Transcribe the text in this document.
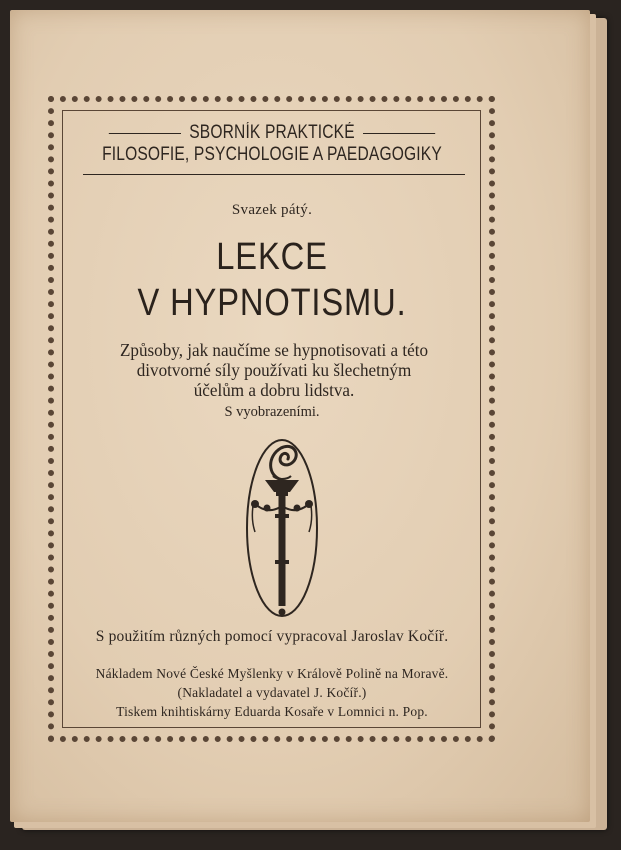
SBORNÍK PRAKTICKÉ
FILOSOFIE, PSYCHOLOGIE A PAEDAGOGIKY
Svazek pátý.
LEKCE
V HYPNOTISMU.
Způsoby, jak naučíme se hypnotisovati a této
divotvorné síly používati ku šlechetným
účelům a dobru lidstva.
S vyobrazeními.
S použitím různých pomocí vypracoval Jaroslav Kočíř.
Nákladem Nové České Myšlenky v Králově Polině na Moravě.
(Nakladatel a vydavatel J. Kočíř.)
Tiskem knihtiskárny Eduarda Kosaře v Lomnici n. Pop.
